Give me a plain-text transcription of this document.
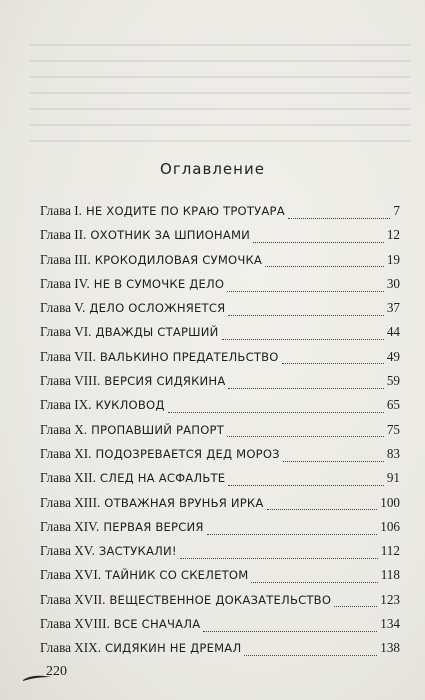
Оглавление
Глава I. НЕ ХОДИТЕ ПО КРАЮ ТРОТУАРА	7
Глава II. ОХОТНИК ЗА ШПИОНАМИ	12
Глава III. КРОКОДИЛОВАЯ СУМОЧКА	19
Глава IV. НЕ В СУМОЧКЕ ДЕЛО	30
Глава V. ДЕЛО ОСЛОЖНЯЕТСЯ	37
Глава VI. ДВАЖДЫ СТАРШИЙ	44
Глава VII. ВАЛЬКИНО ПРЕДАТЕЛЬСТВО	49
Глава VIII. ВЕРСИЯ СИДЯКИНА	59
Глава IX. КУКЛОВОД	65
Глава X. ПРОПАВШИЙ РАПОРТ	75
Глава XI. ПОДОЗРЕВАЕТСЯ ДЕД МОРОЗ	83
Глава XII. СЛЕД НА АСФАЛЬТЕ	91
Глава XIII. ОТВАЖНАЯ ВРУНЬЯ ИРКА	100
Глава XIV. ПЕРВАЯ ВЕРСИЯ	106
Глава XV. ЗАСТУКАЛИ!	112
Глава XVI. ТАЙНИК СО СКЕЛЕТОМ	118
Глава XVII. ВЕЩЕСТВЕННОЕ ДОКАЗАТЕЛЬСТВО	123
Глава XVIII. ВСЕ СНАЧАЛА	134
Глава XIX. СИДЯКИН НЕ ДРЕМАЛ	138
220
